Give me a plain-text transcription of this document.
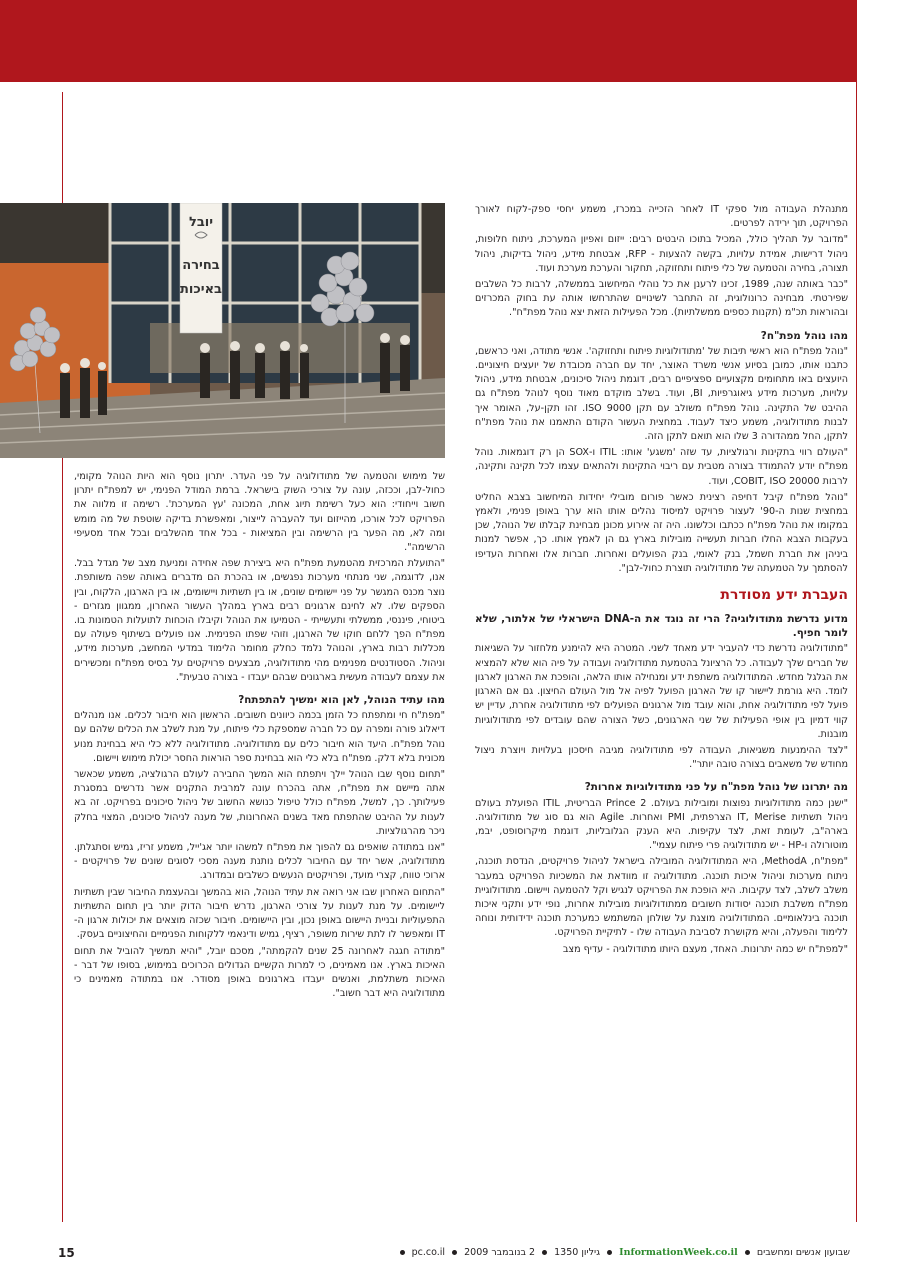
יובל
בחירה
באיכות

מתנהלת העבודה מול ספקי IT לאחר הזכייה במכרז, משמע יחסי ספק-לקוח לאורך הפרויקט, תוך ירידה לפרטים.

"מדובר על תהליך כולל, המכיל בתוכו היבטים רבים: ייזום ואפיון המערכת, ניתוח חלופות, ניהול דרישות, אמידת עלויות, בקשה להצעות - RFP, אבטחת מידע, ניהול בדיקות, ניהול תצורה, בחירה והטמעה של כלי פיתוח ותחזוקה, תחקור והערכת מערכת ועוד.

"כבר באותה שנה, 1989, זכינו לרענן את כל נוהלי המיחשוב בממשלה, לרבות כל השלבים שפירטתי. מבחינה כרונולוגית, זה התחבר לשינויים שהתרחשו אותה עת בחוק המכרזים ובהוראות תכ"מ (תקנות כספים ממשלתיות). מכל הפעילות הזאת יצא נוהל מפת"ח".

מהו נוהל מפת"ח?

"נוהל מפת"ח הוא ראשי תיבות של 'מתודולוגיות פיתוח ותחזוקה'. אנשי מתודה, ואני כראשם, כתבנו אותו, כמובן בסיוע אנשי משרד האוצר, יחד עם חברה מכובדת של יועצים חיצוניים. היועצים באו מתחומים מקצועיים ספציפיים רבים, דוגמת ניהול סיכונים, אבטחת מידע, ניהול עלויות, מערכות מידע גיאוגרפיות, BI, ועוד. בשלב מוקדם מאוד נוסף לנוהל מפת"ח גם ההיבט של התקינה. נוהל מפת"ח משולב עם תקן ISO 9000. זהו תקן-על, האומר איך לבנות מתודולוגיה, משמע כיצד לעבוד. במחצית העשור הקודם התאמנו את נוהל מפת"ח לתקן, החל ממהדורה 3 שלו הוא תואם לתקן הזה.

"העולם רווי בתקינות ורגולציות, עד שזה 'משגע' אותו: ITIL ו-SOX הן רק דוגמאות. נוהל מפת"ח יודע להתמודד בצורה מטבית עם ריבוי התקינות ולהתאים עצמו לכל תקינה ותקינה, לרבות COBIT, ISO 20000, ועוד.

"נוהל מפת"ח קיבל דחיפה רצינית כאשר פורום מובילי יחידות המיחשוב בצבא החליט במחצית שנות ה-90' לעצור פרויקט למיסוד נהלים אותו הוא ערך באופן פנימי, ולאמץ במקומו את נוהל מפת"ח ככתבו וכלשונו. היה זה אירוע מכונן מבחינת קבלתו של הנוהל, שכן בעקבות הצבא החלו חברות תעשייה מובילות בארץ גם הן לאמץ אותו. כך, אפשר למנות ביניהן את חברת חשמל, בנק לאומי, בנק הפועלים ואחרות. חברות אלו ואחרות העדיפו להסתמך על הטמעתה של מתודולוגיה תוצרת כחול-לבן".

העברת ידע מסודרת

מדוע נדרשת מתודולוגיה? הרי זה נוגד את ה-DNA הישראלי של אלתור, שלא לומר חפיף.

"מתודולוגיה נדרשת כדי להעביר ידע מאחד לשני. המטרה היא להימנע מלחזור על השגיאות של חברים שלך לעבודה. כל הרציונל בהטמעת מתודולוגיה ועבודה על פיה הוא שלא להמציא את הגלגל מחדש. המתודולוגיה משתפת ידע ומנחילה אותו הלאה, והופכת את הארגון לארגון לומד. היא גורמת ליישור קו של הארגון הפועל לפיה אל מול העולם החיצון. גם אם הארגון פועל לפי מתודולוגיה אחת, והוא עובד מול ארגונים הפועלים לפי מתודולוגיה אחרת, עדיין יש קווי דמיון בין אופי הפעילות של שני הארגונים, כשל הצורה שהם עובדים לפי מתודולוגיות מובנות.

"לצד ההימנעות משגיאות, העבודה לפי מתודולוגיה מגיבה חיסכון בעלויות ויוצרת ניצול מחודש של משאבים בצורה טובה יותר".

מה יתרונו של נוהל מפת"ח על פני מתודולוגיות אחרות?

"ישנן כמה מתודולוגיות נפוצות ומובילות בעולם. Prince 2 הבריטית, ITIL הפועלת בעולם ניהול תשתיות IT, Merise הצרפתית, PMI ואחרות. Agile הוא גם סוג של מתודולוגיה. בארה"ב, לעומת זאת, לצד עקיפות. היא הענק הגלובליות, דוגמת מיקרוסופט, יבמ, מוטורולה ו-HP - יש מתודולוגיה פרי פיתוח עצמי".

"מפת"ח, MethodA, היא המתודולוגיה המובילה בישראל לניהול פרויקטים, הנדסת תוכנה, ניתוח מערכות וניהול איכות תוכנה. מתודולוגיה זו מוודאת את המשכיות הפרויקט במעבר משלב לשלב, לצד עקיבות. היא הופכת את הפרויקט לנגיש וקל להטמעה ויישום. מתודולוגיית מפת"ח משלבת תוכנה יסודות חשובים ממתודולוגיות מובילות אחרות, נופי ידע ותקני איכות תוכנה בינלאומיים. המתודולוגיה מוצגת על שולחן המשתמש כמערכת תוכנה ידידותית ונוחה ללימוד והפעלה, והיא מקושרת לסביבת העבודה שלו - לתיקיית הפרויקט.

"למפת"ח יש כמה יתרונות. האחד, מעצם היותו מתודולוגיה - עדיף מצב

של מימוש והטמעה של מתודולוגיה על פני העדר. יתרון נוסף הוא היות הנוהל מקומי, כחול-לבן, וככזה, עונה על צורכי השוק בישראל. ברמת המודל הפנימי, יש למפת"ח יתרון חשוב וייחודי: הוא כעל רשימת תיוג אחת, המכונה 'עץ המערכת'. רשימה זו מלווה את הפרויקט לכל אורכו, מהייזום ועד להעברה לייצור, ומאפשרת בדיקה שוטפת של מה מומש ומה לא, מה הפער בין הרשימה ובין המציאות - בכל אחד מהשלבים ובכל אחד מסעיפי הרשימה".

"התועלת המרכזית מהטמעת מפת"ח היא ביצירת שפה אחידה ומניעת מצב של מגדל בבל. אנו, לדוגמה, שני מנתחי מערכות נפגשים, או בהכרת הם מדברים באותה שפה משותפת. נוצר מכנס המגשר על פני יישומים שונים, או בין תשתיות ויישומים, או בין הארגון, הלקוח, ובין הספקים שלו. לא לחינם ארגונים רבים בארץ במהלך העשור האחרון, ממגוון מגזרים - ביטוחי, פיננסי, ממשלתי ותעשייתי - הטמיעו את הנוהל וקיבלו הוכחות לתועלות הטמונות בו. מפת"ח הפך ללחם חוקו של הארגון, וזוהי שפתו הפנימית. אנו פועלים בשיתוף פעולה עם מכללות רבות בארץ, והנוהל נלמד כחלק מחומר הלימוד במדעי המחשב, מערכות מידע, וניהול. הסטודנטים מפנימים מהי מתודולוגיה, מבצעים פרויקטים על בסיס מפת"ח ומכשירים את עצמם לעבודה מעשית בארגונים שבהם יעבדו - בצורה טבעית".

מהו עתיד הנוהל, לאן הוא ימשיך להתפתח?

"מפת"ח חי ומתפתח כל הזמן בכמה כיוונים חשובים. הראשון הוא חיבור לכלים. אנו מנהלים דיאלוג פורה ומפרה עם כל חברה שמספקת כלי פיתוח, על מנת לשלב את הכלים שלהם עם נוהל מפת"ח. היעד הוא חיבור כלים עם מתודולוגיה. מתודולוגיה ללא כלי היא בבחינת מנוע מכונית בלא דלק. מפת"ח בלא כלי הוא בבחינת ספר הוראות החסר יכולת מימוש ויישום.

"תחום נוסף שבו הנוהל יילך ויתפתח הוא המשך החבירה לעולם הרגולציה, משמע שכאשר אתה מיישם את מפת"ח, אתה בהכרח עונה למרבית התקנים אשר נדרשים במסגרת פעילותך. כך, למשל, מפת"ח כולל טיפול כנושא החשוב של ניהול סיכונים בפרויקט. זה בא לענות על ההיבט שהתפתח מאד בשנים האחרונות, של מענה לניהול סיכונים, המצוי בחלק ניכר מהרגולציות.

"אנו במתודה שואפים גם להפוך את מפת"ח למשהו יותר אג'ייל, משמע זריז, גמיש וסתגלתן. מתודולוגיה, אשר יחד עם החיבור לכלים נותנת מענה מסכי לסוגים שונים של פרויקטים - ארוכי טווח, קצרי מועד, ופרויקטים הנעשים כשלבים ובמדורג.

"התחום האחרון שבו אני רואה את עתיד הנוהל, הוא בהמשך ובהעצמת החיבור שבין תשתיות ליישומים. על מנת לענות על צורכי הארגון, נדרש חיבור הדוק יותר בין תחום התשתיות התפעוליות ובניית היישום באופן נכון, ובין היישומים. חיבור שכזה מוצאים את יכולות ארגון ה-IT ומאפשר לו לתת שירות משופר, רציף, גמיש ודינאמי ללקוחות הפנימיים והחיצוניים בעסק.

"מתודה חגגה לאחרונה 25 שנים להקמתה", מסכם יובל, "והיא תמשיך להוביל את תחום האיכות בארץ. אנו מאמינים, כי למרות הקשיים הגדולים הכרוכים במימוש, בסופו של דבר - האיכות משתלמת, ואנשים יעבדו בארגונים באופן מסודר. אנו במתודה מאמינים כי מתודולוגיה היא דבר חשוב".

שבועון אנשים ומחשבים  InformationWeek.co.il  גיליון 1350  2 בנובמבר 2009  pc.co.il
15
